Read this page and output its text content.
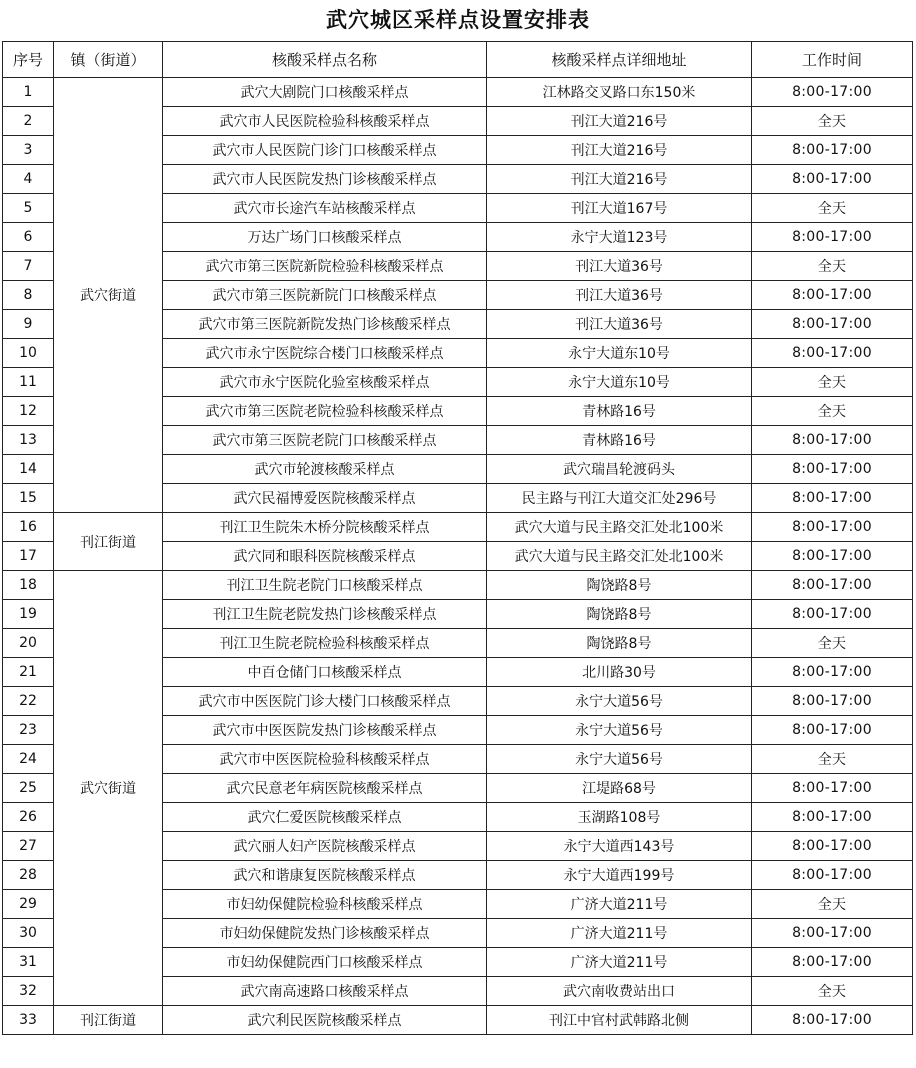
武穴城区采样点设置安排表
序号	镇（街道）	核酸采样点名称	核酸采样点详细地址	工作时间
1	武穴街道	武穴大剧院门口核酸采样点	江林路交叉路口东150米	8:00-17:00
2		武穴市人民医院检验科核酸采样点	刊江大道216号	全天
3		武穴市人民医院门诊门口核酸采样点	刊江大道216号	8:00-17:00
4		武穴市人民医院发热门诊核酸采样点	刊江大道216号	8:00-17:00
5		武穴市长途汽车站核酸采样点	刊江大道167号	全天
6		万达广场门口核酸采样点	永宁大道123号	8:00-17:00
7		武穴市第三医院新院检验科核酸采样点	刊江大道36号	全天
8		武穴市第三医院新院门口核酸采样点	刊江大道36号	8:00-17:00
9		武穴市第三医院新院发热门诊核酸采样点	刊江大道36号	8:00-17:00
10		武穴市永宁医院综合楼门口核酸采样点	永宁大道东10号	8:00-17:00
11		武穴市永宁医院化验室核酸采样点	永宁大道东10号	全天
12		武穴市第三医院老院检验科核酸采样点	青林路16号	全天
13		武穴市第三医院老院门口核酸采样点	青林路16号	8:00-17:00
14		武穴市轮渡核酸采样点	武穴瑞昌轮渡码头	8:00-17:00
15		武穴民福博爱医院核酸采样点	民主路与刊江大道交汇处296号	8:00-17:00
16	刊江街道	刊江卫生院朱木桥分院核酸采样点	武穴大道与民主路交汇处北100米	8:00-17:00
17		武穴同和眼科医院核酸采样点	武穴大道与民主路交汇处北100米	8:00-17:00
18	武穴街道	刊江卫生院老院门口核酸采样点	陶饶路8号	8:00-17:00
19		刊江卫生院老院发热门诊核酸采样点	陶饶路8号	8:00-17:00
20		刊江卫生院老院检验科核酸采样点	陶饶路8号	全天
21		中百仓储门口核酸采样点	北川路30号	8:00-17:00
22		武穴市中医医院门诊大楼门口核酸采样点	永宁大道56号	8:00-17:00
23		武穴市中医医院发热门诊核酸采样点	永宁大道56号	8:00-17:00
24		武穴市中医医院检验科核酸采样点	永宁大道56号	全天
25		武穴民意老年病医院核酸采样点	江堤路68号	8:00-17:00
26		武穴仁爱医院核酸采样点	玉湖路108号	8:00-17:00
27		武穴丽人妇产医院核酸采样点	永宁大道西143号	8:00-17:00
28		武穴和谐康复医院核酸采样点	永宁大道西199号	8:00-17:00
29		市妇幼保健院检验科核酸采样点	广济大道211号	全天
30		市妇幼保健院发热门诊核酸采样点	广济大道211号	8:00-17:00
31		市妇幼保健院西门口核酸采样点	广济大道211号	8:00-17:00
32		武穴南高速路口核酸采样点	武穴南收费站出口	全天
33	刊江街道	武穴利民医院核酸采样点	刊江中官村武韩路北侧	8:00-17:00
